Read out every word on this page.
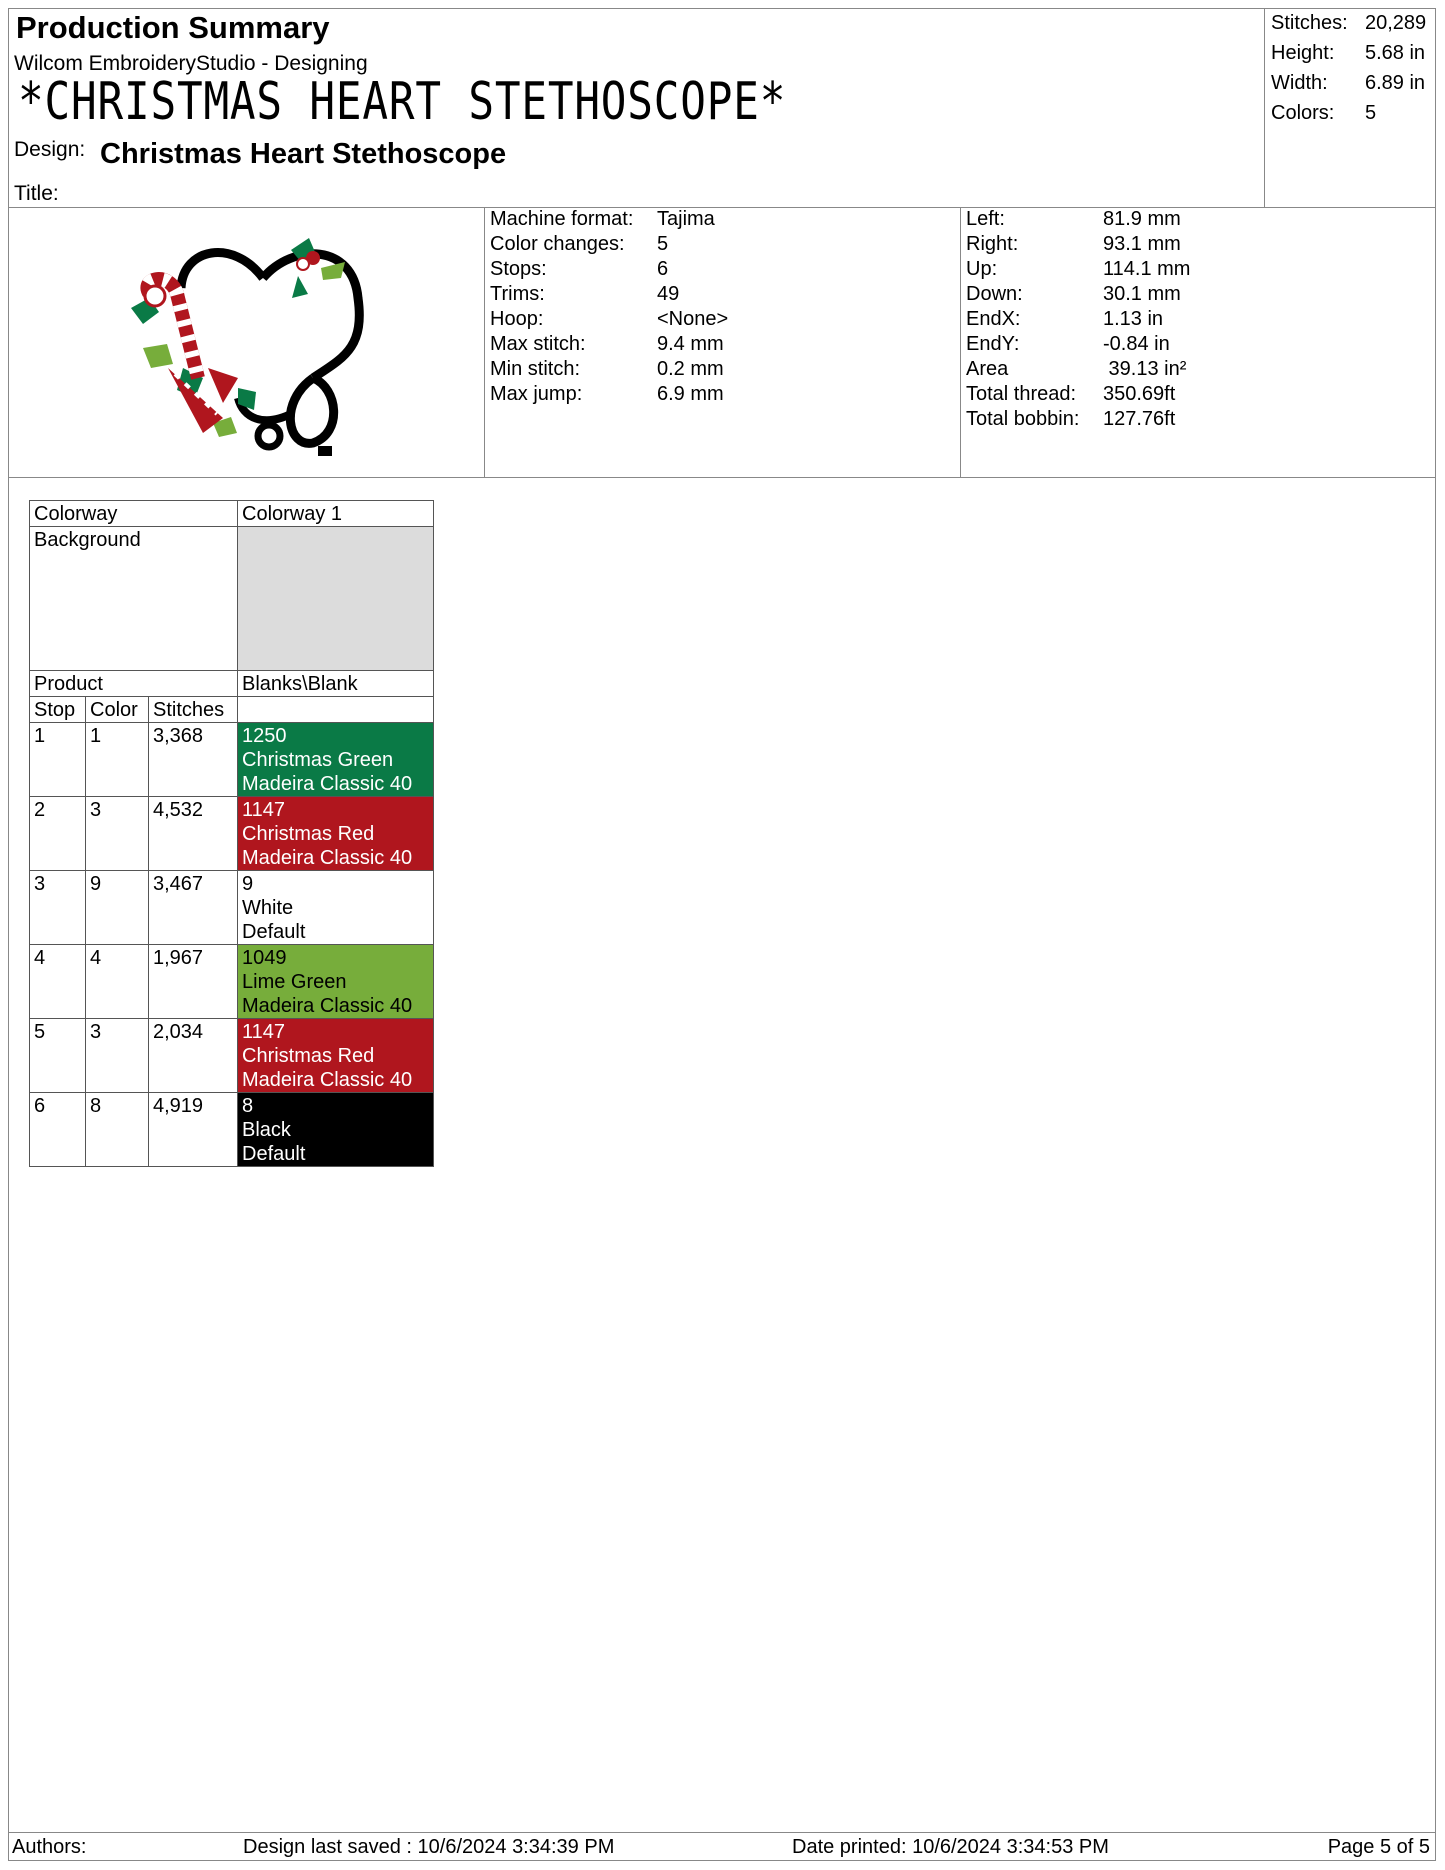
Production Summary
Wilcom EmbroideryStudio - Designing
*CHRISTMAS HEART STETHOSCOPE*
Design: Christmas Heart Stethoscope
Title:
Stitches: 20,289
Height:	5.68 in
Width:	6.89 in
Colors:	5
Machine format:	Tajima
Color changes:	5
Stops:	6
Trims:	49
Hoop:	<None>
Max stitch:	9.4 mm
Min stitch:	0.2 mm
Max jump:	6.9 mm
Left:	81.9 mm
Right:	93.1 mm
Up:	114.1 mm
Down:	30.1 mm
EndX:	1.13 in
EndY:	-0.84 in
Area	39.13 in²
Total thread:	350.69ft
Total bobbin:	127.76ft
Colorway			Colorway 1
Background			
Product			Blanks\Blank
Stop	Color	Stitches	
1	1	3,368	1250
Christmas Green
Madeira Classic 40

2	3	4,532	1147
Christmas Red
Madeira Classic 40

3	9	3,467	9
White
Default

4	4	1,967	1049
Lime Green
Madeira Classic 40

5	3	2,034	1147
Christmas Red
Madeira Classic 40

6	8	4,919	8
Black
Default
Authors:	Design last saved : 10/6/2024 3:34:39 PM	Date printed: 10/6/2024 3:34:53 PM	Page 5 of 5
